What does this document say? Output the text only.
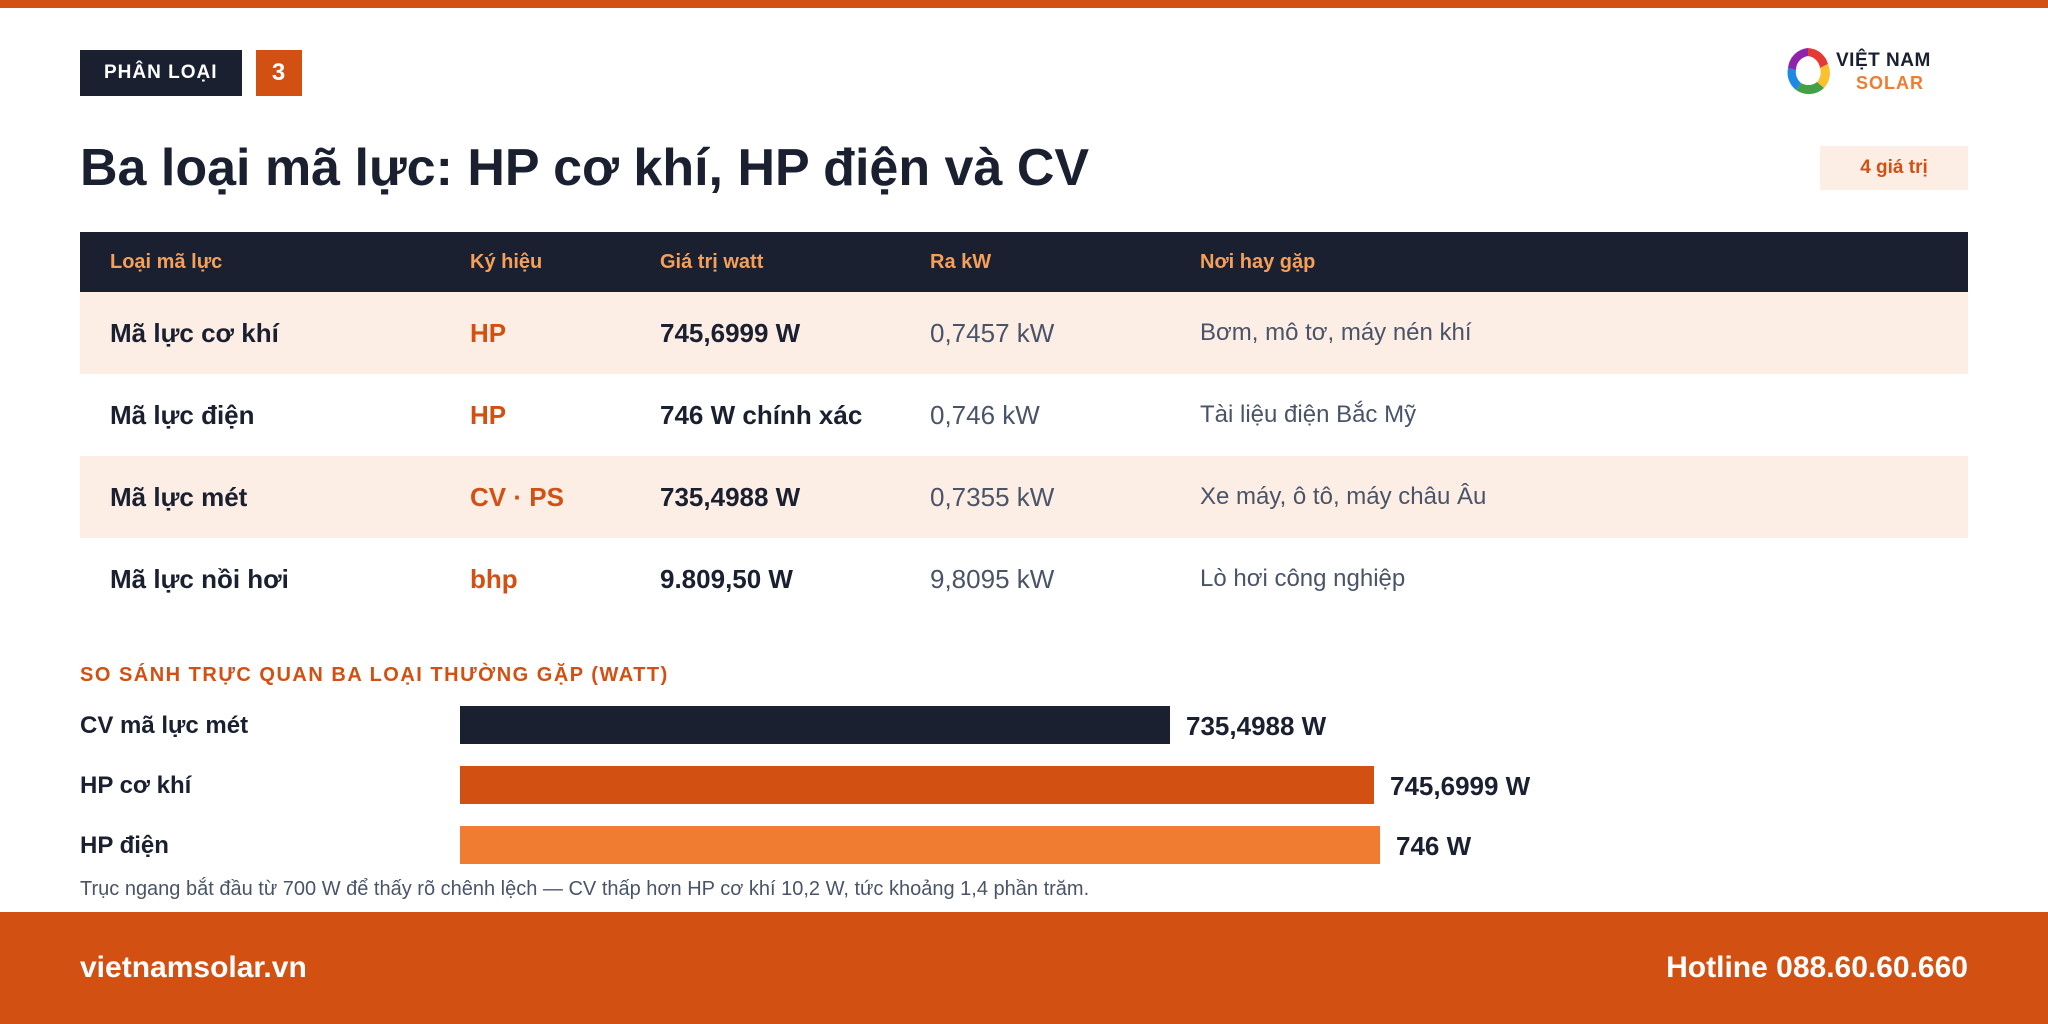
PHÂN LOẠI	3	VIỆT NAM
SOLAR
Ba loại mã lực: HP cơ khí, HP điện và CV	4 giá trị
Loại mã lực	Ký hiệu	Giá trị watt	Ra kW	Nơi hay gặp
Mã lực cơ khí	HP	745,6999 W	0,7457 kW	Bơm, mô tơ, máy nén khí
Mã lực điện	HP	746 W chính xác	0,746 kW	Tài liệu điện Bắc Mỹ
Mã lực mét	CV · PS	735,4988 W	0,7355 kW	Xe máy, ô tô, máy châu Âu
Mã lực nồi hơi	bhp	9.809,50 W	9,8095 kW	Lò hơi công nghiệp
SO SÁNH TRỰC QUAN BA LOẠI THƯỜNG GẶP (WATT)
CV mã lực mét	735,4988 W
HP cơ khí	745,6999 W
HP điện	746 W
Trục ngang bắt đầu từ 700 W để thấy rõ chênh lệch — CV thấp hơn HP cơ khí 10,2 W, tức khoảng 1,4 phần trăm.
vietnamsolar.vn	Hotline 088.60.60.660
